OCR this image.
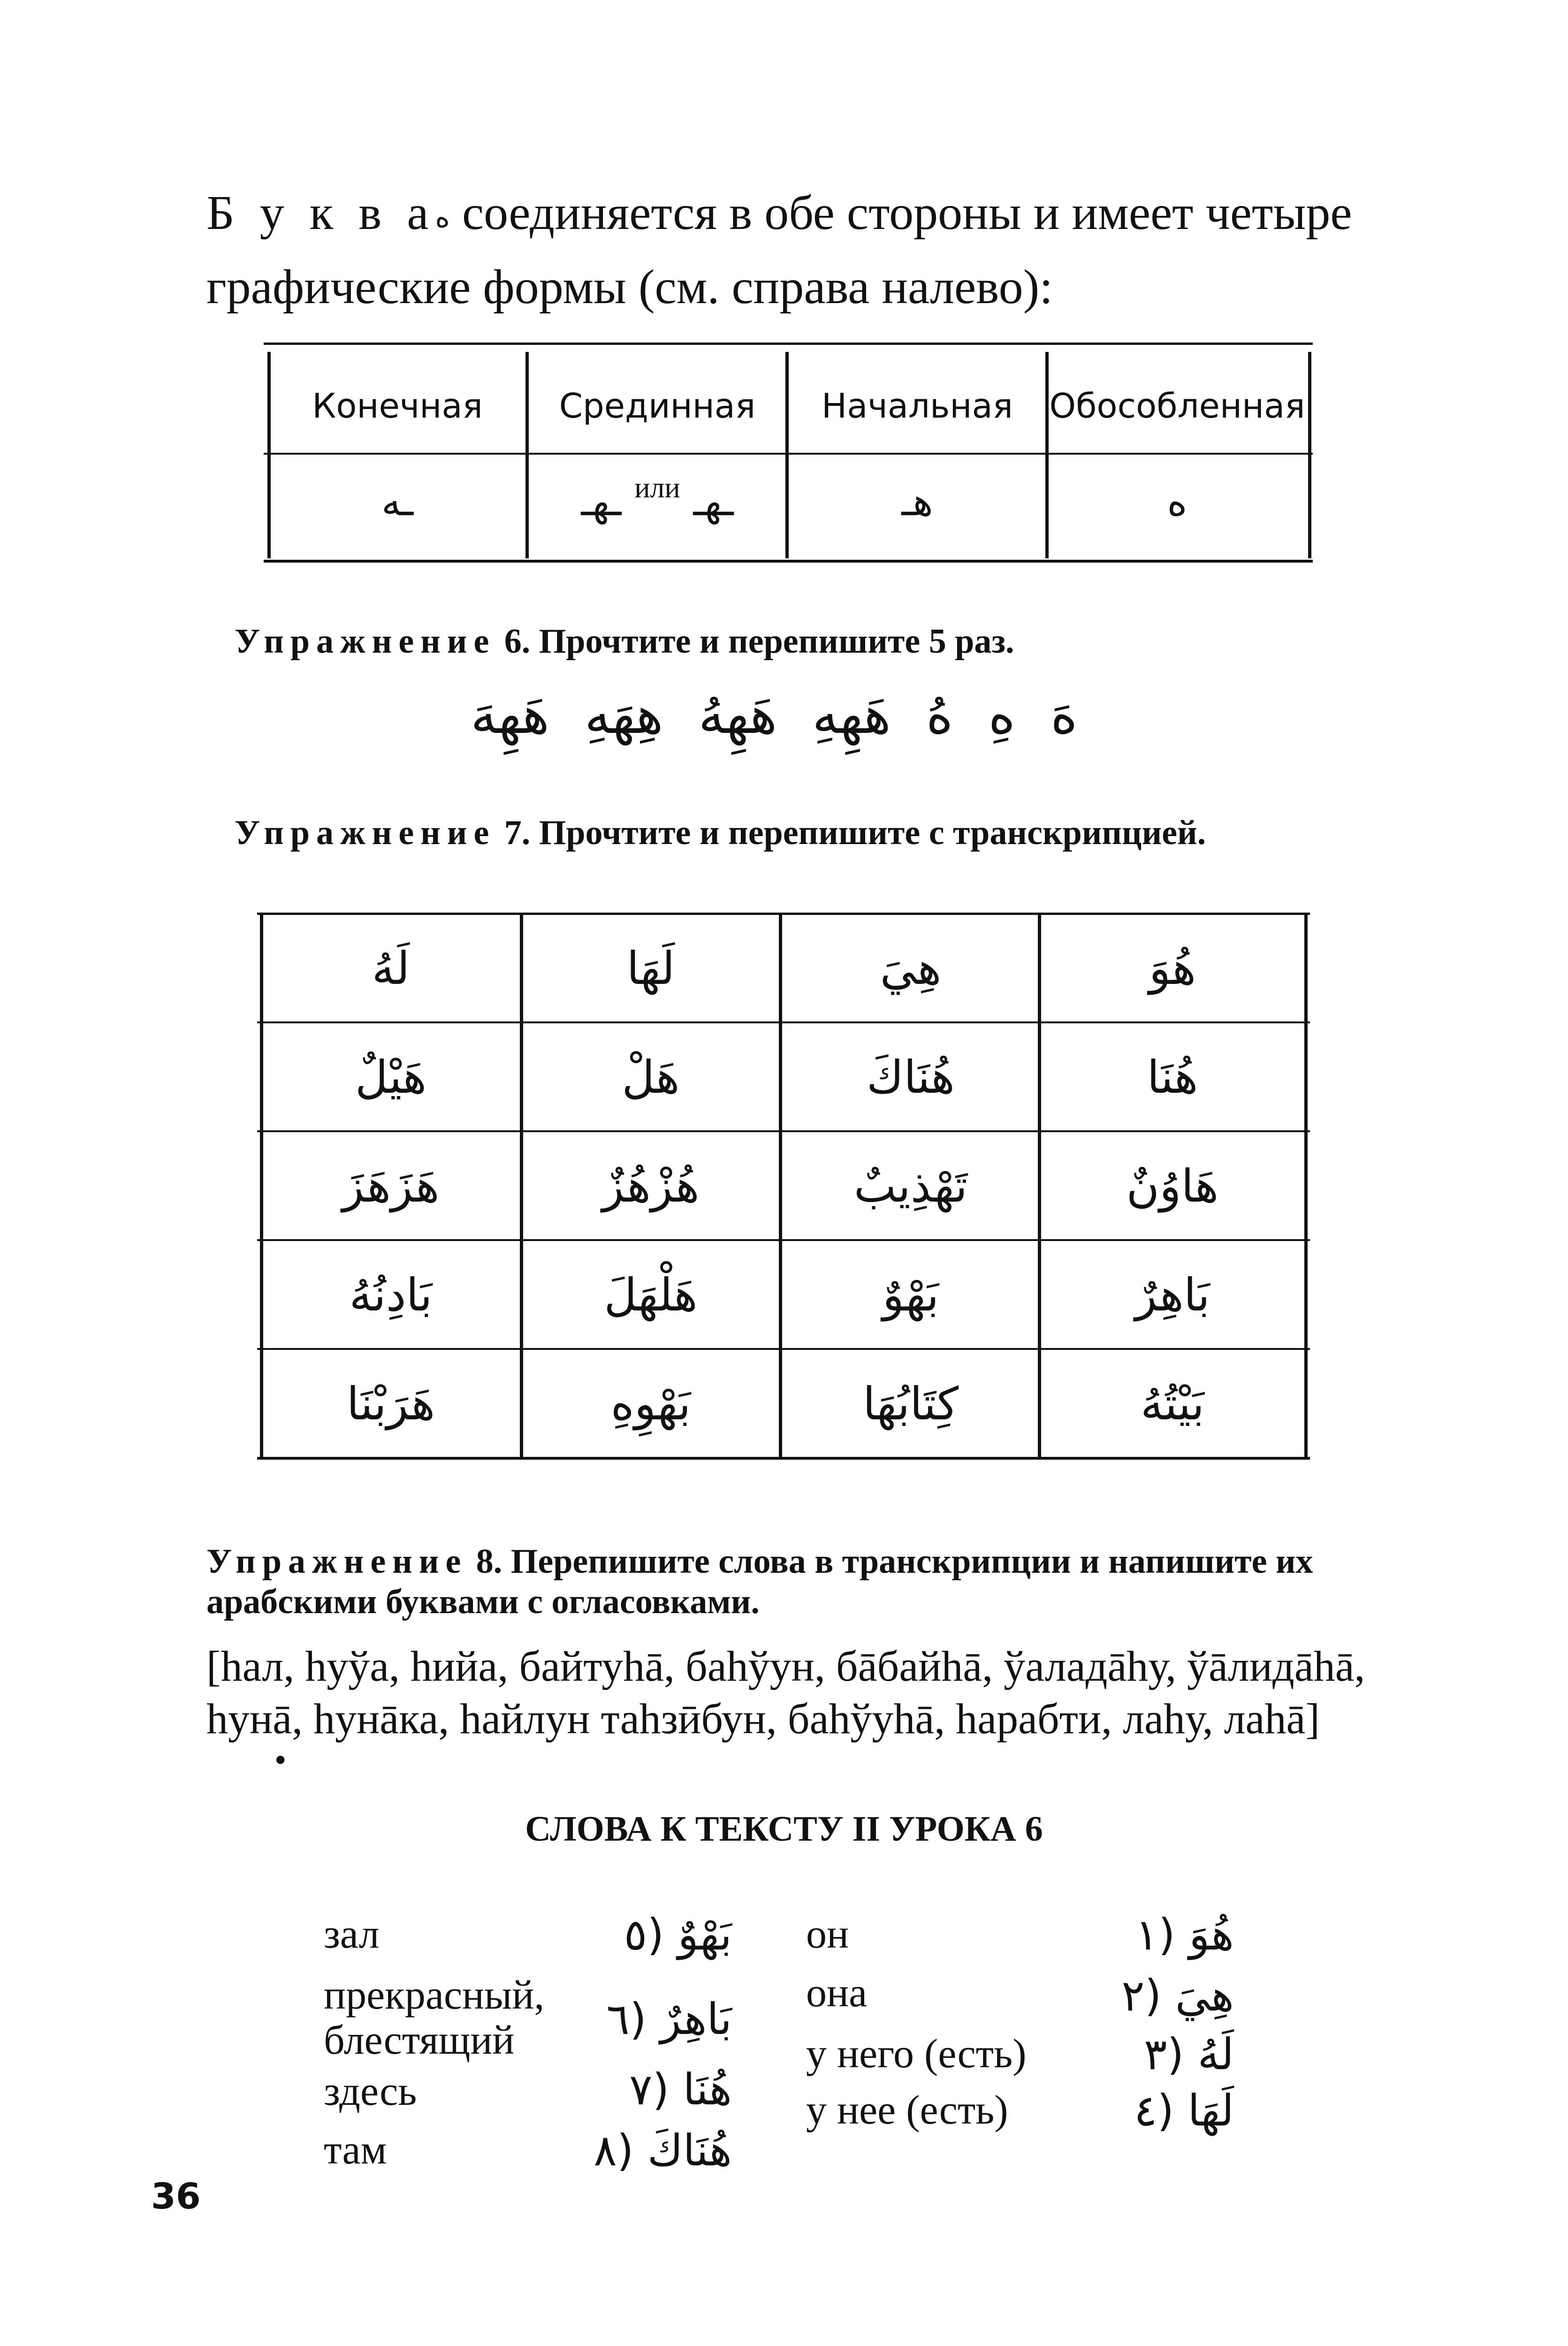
Б у к в аه соединяется в обе стороны и имеет четыре графические формы (см. справа налево):
Конечная	Срединная	Начальная	Обособленная
ـه	ـهـ или ـهـ	هـ	ه
Упражнение 6. Прочтите и перепишите 5 раз.
هَ هِ هُ هَهِهِ هَهِهُ هِهَهِ هَهِهَ
Упражнение 7. Прочтите и перепишите с транскрипцией.
لَهُ	لَهَا	هِيَ	هُوَ
هَيْلٌ	هَلْ	هُنَاكَ	هُنَا
هَزَهَزَ	هُزْهُزٌ	تَهْذِيبٌ	هَاوُنٌ
بَادِنُهُ	هَلْهَلَ	بَهْوٌ	بَاهِرٌ
هَرَبْنَا	بَهْوِهِ	كِتَابُهَا	بَيْتُهُ
Упражнение 8. Перепишите слова в транскрипции и напишите их арабскими буквами с огласовками.
[hал, hуўа, hийа, байтуhā, баhўун, бāбайhā, ўаладāhу, ўāлидāhā, hунā, hунāка, hайлун таhзӣбун, баhўуhā, hарабти, лаhу, лаhā]
•
СЛОВА К ТЕКСТУ II УРОКА 6
зал	بَهْوٌ (٥
прекрасный, блестящий	بَاهِرٌ (٦
здесь	هُنَا (٧
там	هُنَاكَ (٨
он	هُوَ (١
она	هِيَ (٢
у него (есть)	لَهُ (٣
у нее (есть)	لَهَا (٤
36
